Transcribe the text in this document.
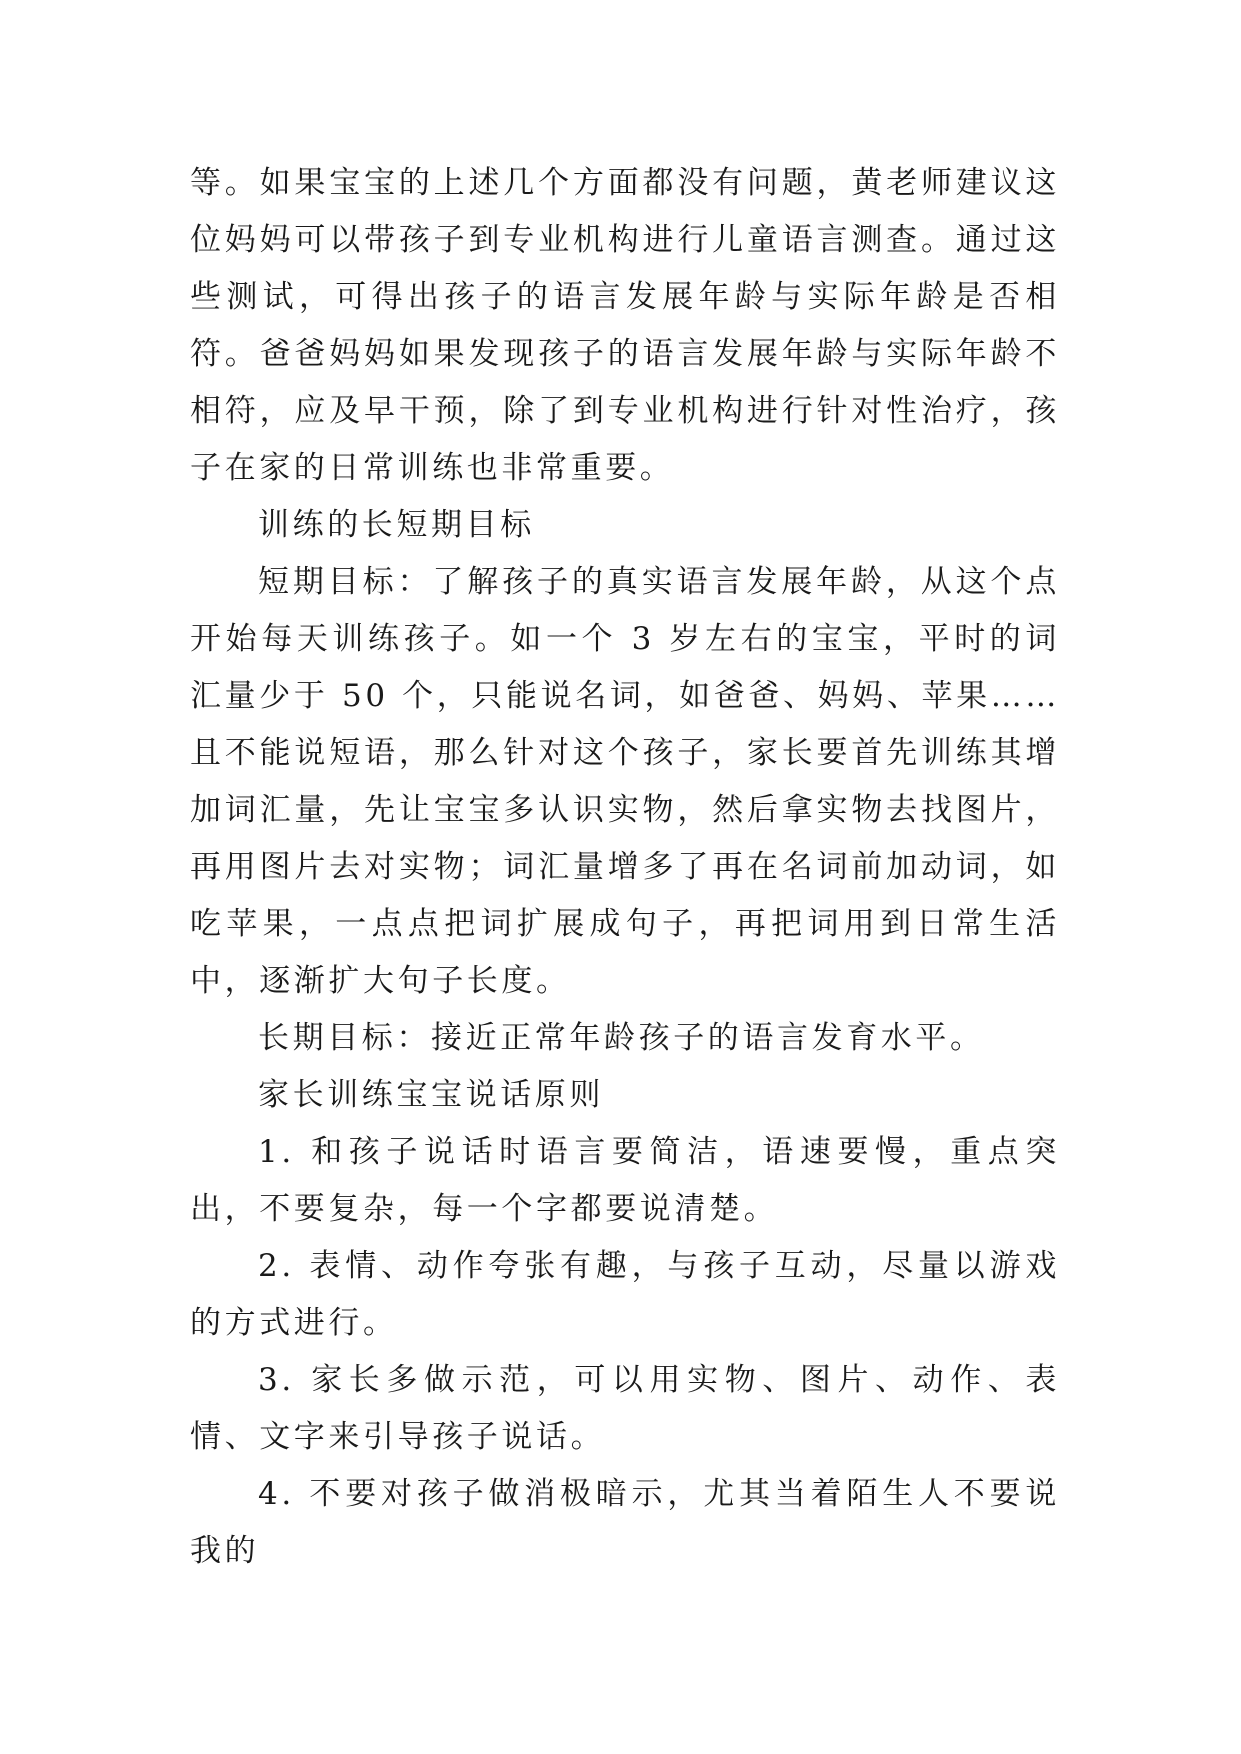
等。如果宝宝的上述几个方面都没有问题，黄老师建议这位妈妈可以带孩子到专业机构进行儿童语言测查。通过这些测试，可得出孩子的语言发展年龄与实际年龄是否相符。爸爸妈妈如果发现孩子的语言发展年龄与实际年龄不相符，应及早干预，除了到专业机构进行针对性治疗，孩子在家的日常训练也非常重要。

训练的长短期目标

短期目标：了解孩子的真实语言发展年龄，从这个点开始每天训练孩子。如一个 3 岁左右的宝宝，平时的词汇量少于 50 个，只能说名词，如爸爸、妈妈、苹果……且不能说短语，那么针对这个孩子，家长要首先训练其增加词汇量，先让宝宝多认识实物，然后拿实物去找图片，再用图片去对实物；词汇量增多了再在名词前加动词，如吃苹果，一点点把词扩展成句子，再把词用到日常生活中，逐渐扩大句子长度。

长期目标：接近正常年龄孩子的语言发育水平。

家长训练宝宝说话原则

1. 和孩子说话时语言要简洁，语速要慢，重点突出，不要复杂，每一个字都要说清楚。

2. 表情、动作夸张有趣，与孩子互动，尽量以游戏的方式进行。

3. 家长多做示范，可以用实物、图片、动作、表情、文字来引导孩子说话。

4. 不要对孩子做消极暗示，尤其当着陌生人不要说我的
